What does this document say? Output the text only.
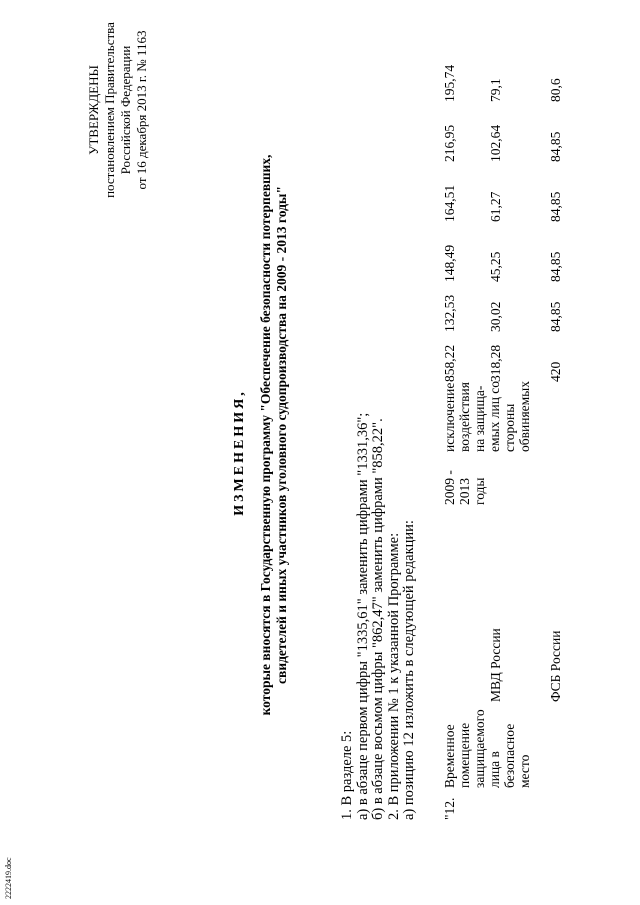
УТВЕРЖДЕНЫ постановлением Правительства Российской Федерации от 16 декабря 2013 г. № 1163
ИЗМЕНЕНИЯ, которые вносятся в Государственную программу "Обеспечение безопасности потерпевших, свидетелей и иных участников уголовного судопроизводства на 2009 - 2013 годы"
1. В разделе 5: а) в абзаце первом цифры "1335,61" заменить цифрами "1331,36"; б) в абзаце восьмом цифры "862,47" заменить цифрами "858,22". 2. В приложении № 1 к указанной Программе: а) позицию 12 изложить в следующей редакции: "12.
Временное помещение защищаемого лица в безопасное место
МВД России	ФСБ России
2009 - 2013 годы
исключение воздействия на защища- емых лиц со стороны обвиняемых
858,22
132,53
148,49
164,51
216,95
195,74
318,28
30,02
45,25
61,27
102,64
79,1
420
84,85
84,85
84,85
84,85
80,6
2222419.doc
